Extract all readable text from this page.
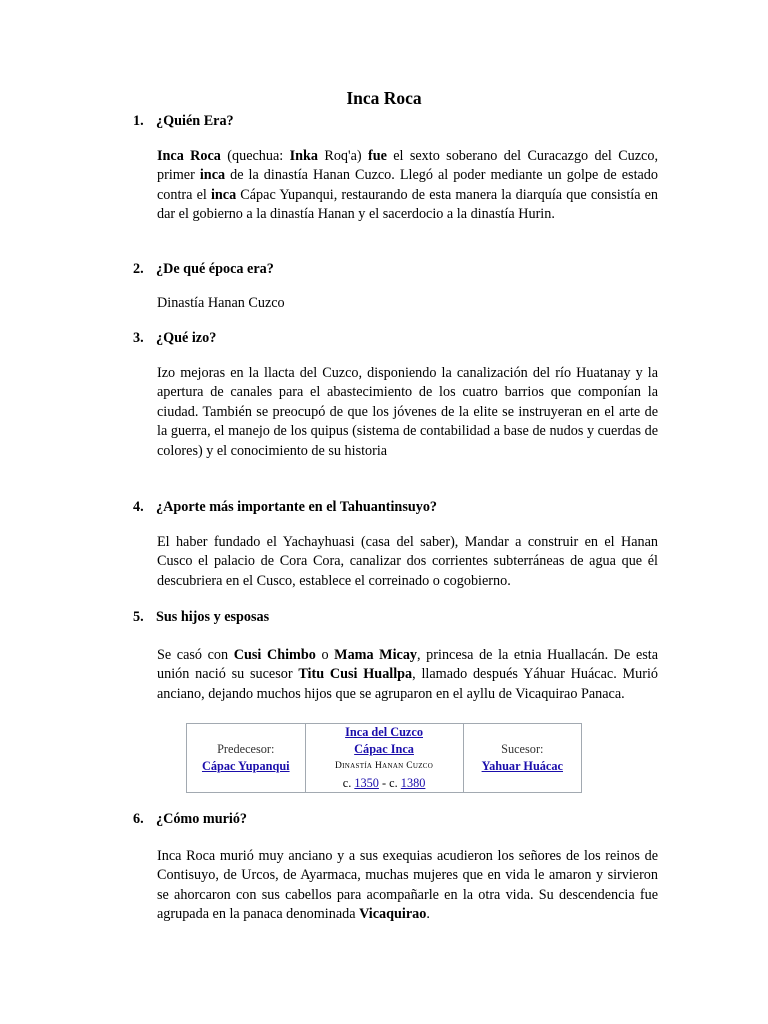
Inca Roca
1. ¿Quién Era?

Inca Roca (quechua: Inka Roq'a) fue el sexto soberano del Curacazgo del Cuzco, primer inca de la dinastía Hanan Cuzco. Llegó al poder mediante un golpe de estado contra el inca Cápac Yupanqui, restaurando de esta manera la diarquía que consistía en dar el gobierno a la dinastía Hanan y el sacerdocio a la dinastía Hurin.

2. ¿De qué época era?

Dinastía Hanan Cuzco

3. ¿Qué izo?

Izo mejoras en la llacta del Cuzco, disponiendo la canalización del río Huatanay y la apertura de canales para el abastecimiento de los cuatro barrios que componían la ciudad. También se preocupó de que los jóvenes de la elite se instruyeran en el arte de la guerra, el manejo de los quipus (sistema de contabilidad a base de nudos y cuerdas de colores) y el conocimiento de su historia

4. ¿Aporte más importante en el Tahuantinsuyo?

El haber fundado el Yachayhuasi (casa del saber), Mandar a construir en el Hanan Cusco el palacio de Cora Cora, canalizar dos corrientes subterráneas de agua que él descubriera en el Cusco, establece el correinado o cogobierno.

5. Sus hijos y esposas

Se casó con Cusi Chimbo o Mama Micay, princesa de la etnia Huallacán. De esta unión nació su sucesor Titu Cusi Huallpa, llamado después Yáhuar Huácac. Murió anciano, dejando muchos hijos que se agruparon en el ayllu de Vicaquirao Panaca.

Predecesor:
Cápac Yupanqui

Inca del Cuzco
Cápac Inca
Dinastía Hanan Cuzco
c. 1350 - c. 1380

Sucesor:
Yahuar Huácac
6. ¿Cómo murió?

Inca Roca murió muy anciano y a sus exequias acudieron los señores de los reinos de Contisuyo, de Urcos, de Ayarmaca, muchas mujeres que en vida le amaron y sirvieron se ahorcaron con sus cabellos para acompañarle en la otra vida. Su descendencia fue agrupada en la panaca denominada Vicaquirao.
